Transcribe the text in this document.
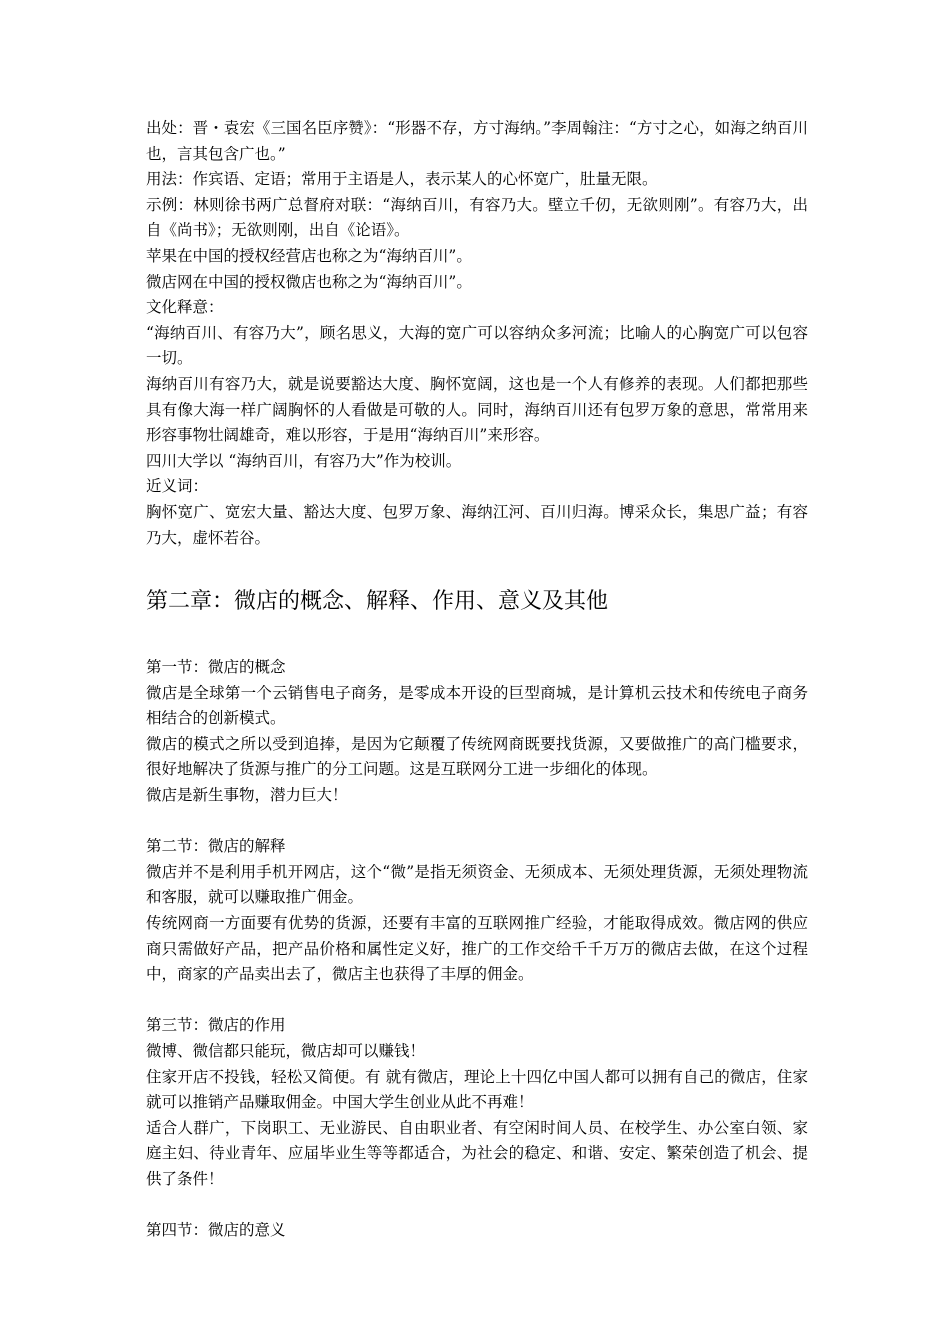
出处：晋・袁宏《三国名臣序赞》：“形器不存，方寸海纳。”李周翰注：“方寸之心，如海之纳百川也，言其包含广也。”

用法：作宾语、定语；常用于主语是人，表示某人的心怀宽广，肚量无限。

示例：林则徐书两广总督府对联：“海纳百川，有容乃大。壁立千仞，无欲则刚”。有容乃大，出自《尚书》；无欲则刚，出自《论语》。

苹果在中国的授权经营店也称之为“海纳百川”。

微店网在中国的授权微店也称之为“海纳百川”。

文化释意：

“海纳百川、有容乃大”，顾名思义，大海的宽广可以容纳众多河流；比喻人的心胸宽广可以包容一切。

海纳百川有容乃大，就是说要豁达大度、胸怀宽阔，这也是一个人有修养的表现。人们都把那些具有像大海一样广阔胸怀的人看做是可敬的人。同时，海纳百川还有包罗万象的意思，常常用来形容事物壮阔雄奇，难以形容，于是用“海纳百川”来形容。

四川大学以 “海纳百川，有容乃大”作为校训。

近义词：

胸怀宽广、宽宏大量、豁达大度、包罗万象、海纳江河、百川归海。博采众长，集思广益；有容乃大，虚怀若谷。

第二章：微店的概念、解释、作用、意义及其他

第一节：微店的概念

微店是全球第一个云销售电子商务，是零成本开设的巨型商城，是计算机云技术和传统电子商务相结合的创新模式。

微店的模式之所以受到追捧，是因为它颠覆了传统网商既要找货源，又要做推广的高门槛要求，很好地解决了货源与推广的分工问题。这是互联网分工进一步细化的体现。

微店是新生事物，潜力巨大！

第二节：微店的解释

微店并不是利用手机开网店，这个“微”是指无须资金、无须成本、无须处理货源，无须处理物流和客服，就可以赚取推广佣金。

传统网商一方面要有优势的货源，还要有丰富的互联网推广经验，才能取得成效。微店网的供应商只需做好产品，把产品价格和属性定义好，推广的工作交给千千万万的微店去做，在这个过程中，商家的产品卖出去了，微店主也获得了丰厚的佣金。

第三节：微店的作用

微博、微信都只能玩，微店却可以赚钱！

住家开店不投钱，轻松又简便。有 就有微店，理论上十四亿中国人都可以拥有自己的微店，住家就可以推销产品赚取佣金。中国大学生创业从此不再难！

适合人群广，下岗职工、无业游民、自由职业者、有空闲时间人员、在校学生、办公室白领、家庭主妇、待业青年、应届毕业生等等都适合，为社会的稳定、和谐、安定、繁荣创造了机会、提供了条件！

第四节：微店的意义
